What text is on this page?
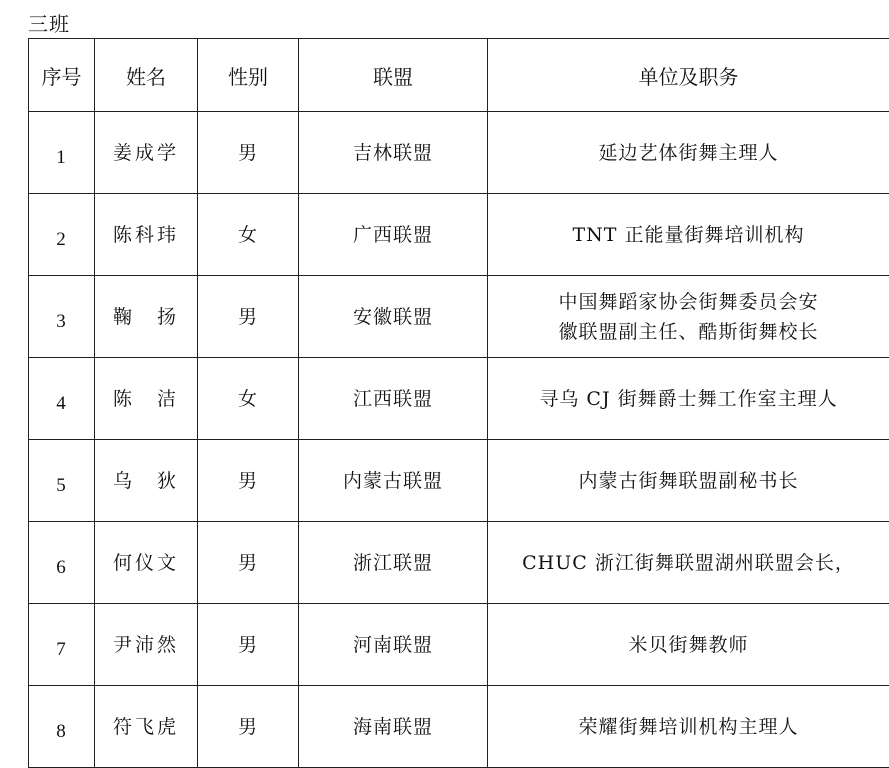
三班
序号	姓名	性别	联盟	单位及职务
1	姜成学	男	吉林联盟	延边艺体街舞主理人
2	陈科玮	女	广西联盟	TNT 正能量街舞培训机构
3	鞠　扬	男	安徽联盟	中国舞蹈家协会街舞委员会安
徽联盟副主任、酷斯街舞校长
4	陈　洁	女	江西联盟	寻乌 CJ 街舞爵士舞工作室主理人
5	乌　狄	男	内蒙古联盟	内蒙古街舞联盟副秘书长
6	何仪文	男	浙江联盟	CHUC 浙江街舞联盟湖州联盟会长，
7	尹沛然	男	河南联盟	米贝街舞教师
8	符飞虎	男	海南联盟	荣耀街舞培训机构主理人
